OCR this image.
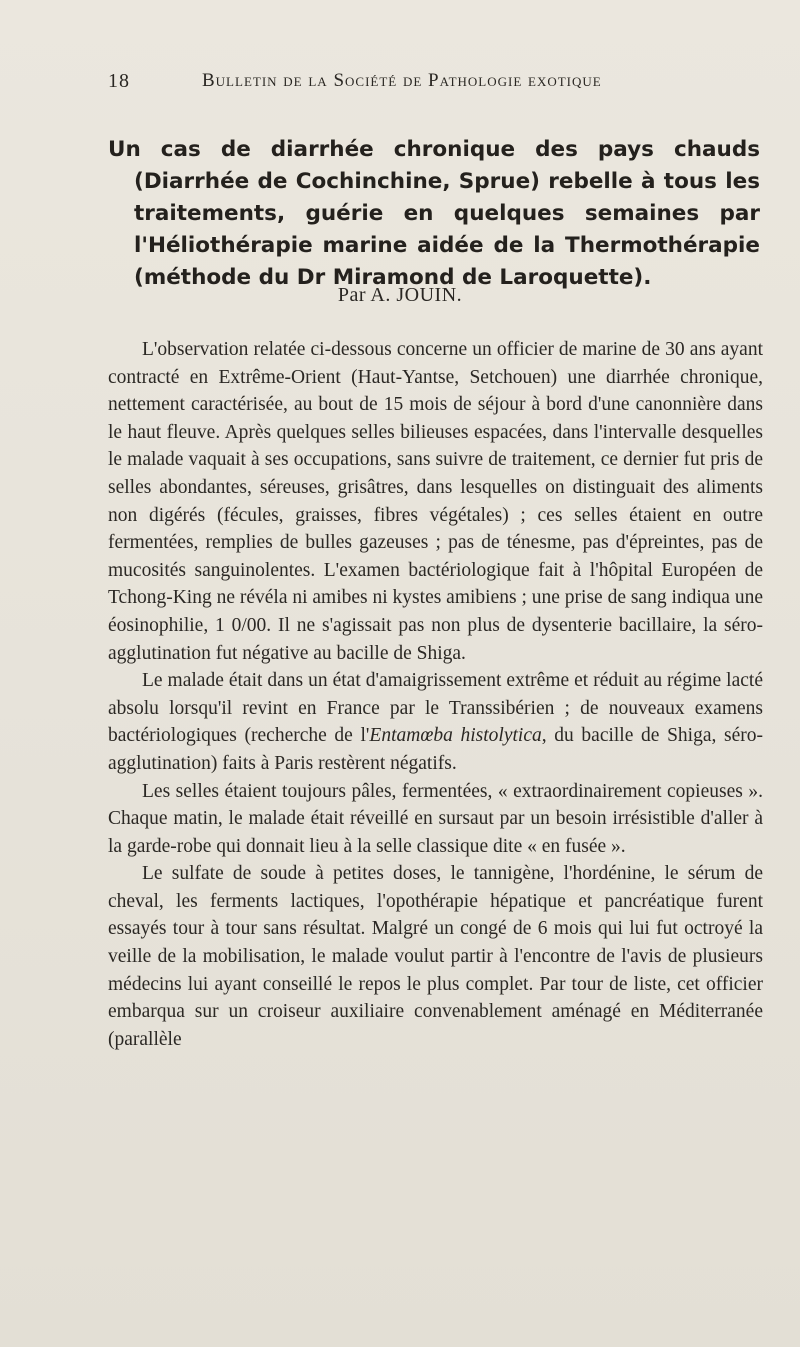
18	Bulletin de la Société de Pathologie exotique

Un cas de diarrhée chronique des pays chauds (Diarrhée de Cochinchine, Sprue) rebelle à tous les traitements, guérie en quelques semaines par l'Héliothérapie marine aidée de la Thermothérapie (méthode du Dr Miramond de Laroquette).

Par A. JOUIN.

L'observation relatée ci-dessous concerne un officier de marine de 30 ans ayant contracté en Extrême-Orient (Haut-Yantse, Setchouen) une diarrhée chronique, nettement caractérisée, au bout de 15 mois de séjour à bord d'une canonnière dans le haut fleuve. Après quelques selles bilieuses espacées, dans l'intervalle desquelles le malade vaquait à ses occupations, sans suivre de traitement, ce dernier fut pris de selles abondantes, séreuses, grisâtres, dans lesquelles on distinguait des aliments non digérés (fécules, graisses, fibres végétales) ; ces selles étaient en outre fermentées, remplies de bulles gazeuses ; pas de ténesme, pas d'épreintes, pas de mucosités sanguinolentes. L'examen bactériologique fait à l'hôpital Européen de Tchong-King ne révéla ni amibes ni kystes amibiens ; une prise de sang indiqua une éosinophilie, 1 0/00. Il ne s'agissait pas non plus de dysenterie bacillaire, la séro-agglutination fut négative au bacille de Shiga.

Le malade était dans un état d'amaigrissement extrême et réduit au régime lacté absolu lorsqu'il revint en France par le Transsibérien ; de nouveaux examens bactériologiques (recherche de l'Entamœba histolytica, du bacille de Shiga, séro-agglutination) faits à Paris restèrent négatifs.

Les selles étaient toujours pâles, fermentées, « extraordinairement copieuses ». Chaque matin, le malade était réveillé en sursaut par un besoin irrésistible d'aller à la garde-robe qui donnait lieu à la selle classique dite « en fusée ».

Le sulfate de soude à petites doses, le tannigène, l'hordénine, le sérum de cheval, les ferments lactiques, l'opothérapie hépatique et pancréatique furent essayés tour à tour sans résultat. Malgré un congé de 6 mois qui lui fut octroyé la veille de la mobilisation, le malade voulut partir à l'encontre de l'avis de plusieurs médecins lui ayant conseillé le repos le plus complet. Par tour de liste, cet officier embarqua sur un croiseur auxiliaire convenablement aménagé en Méditerranée (parallèle
